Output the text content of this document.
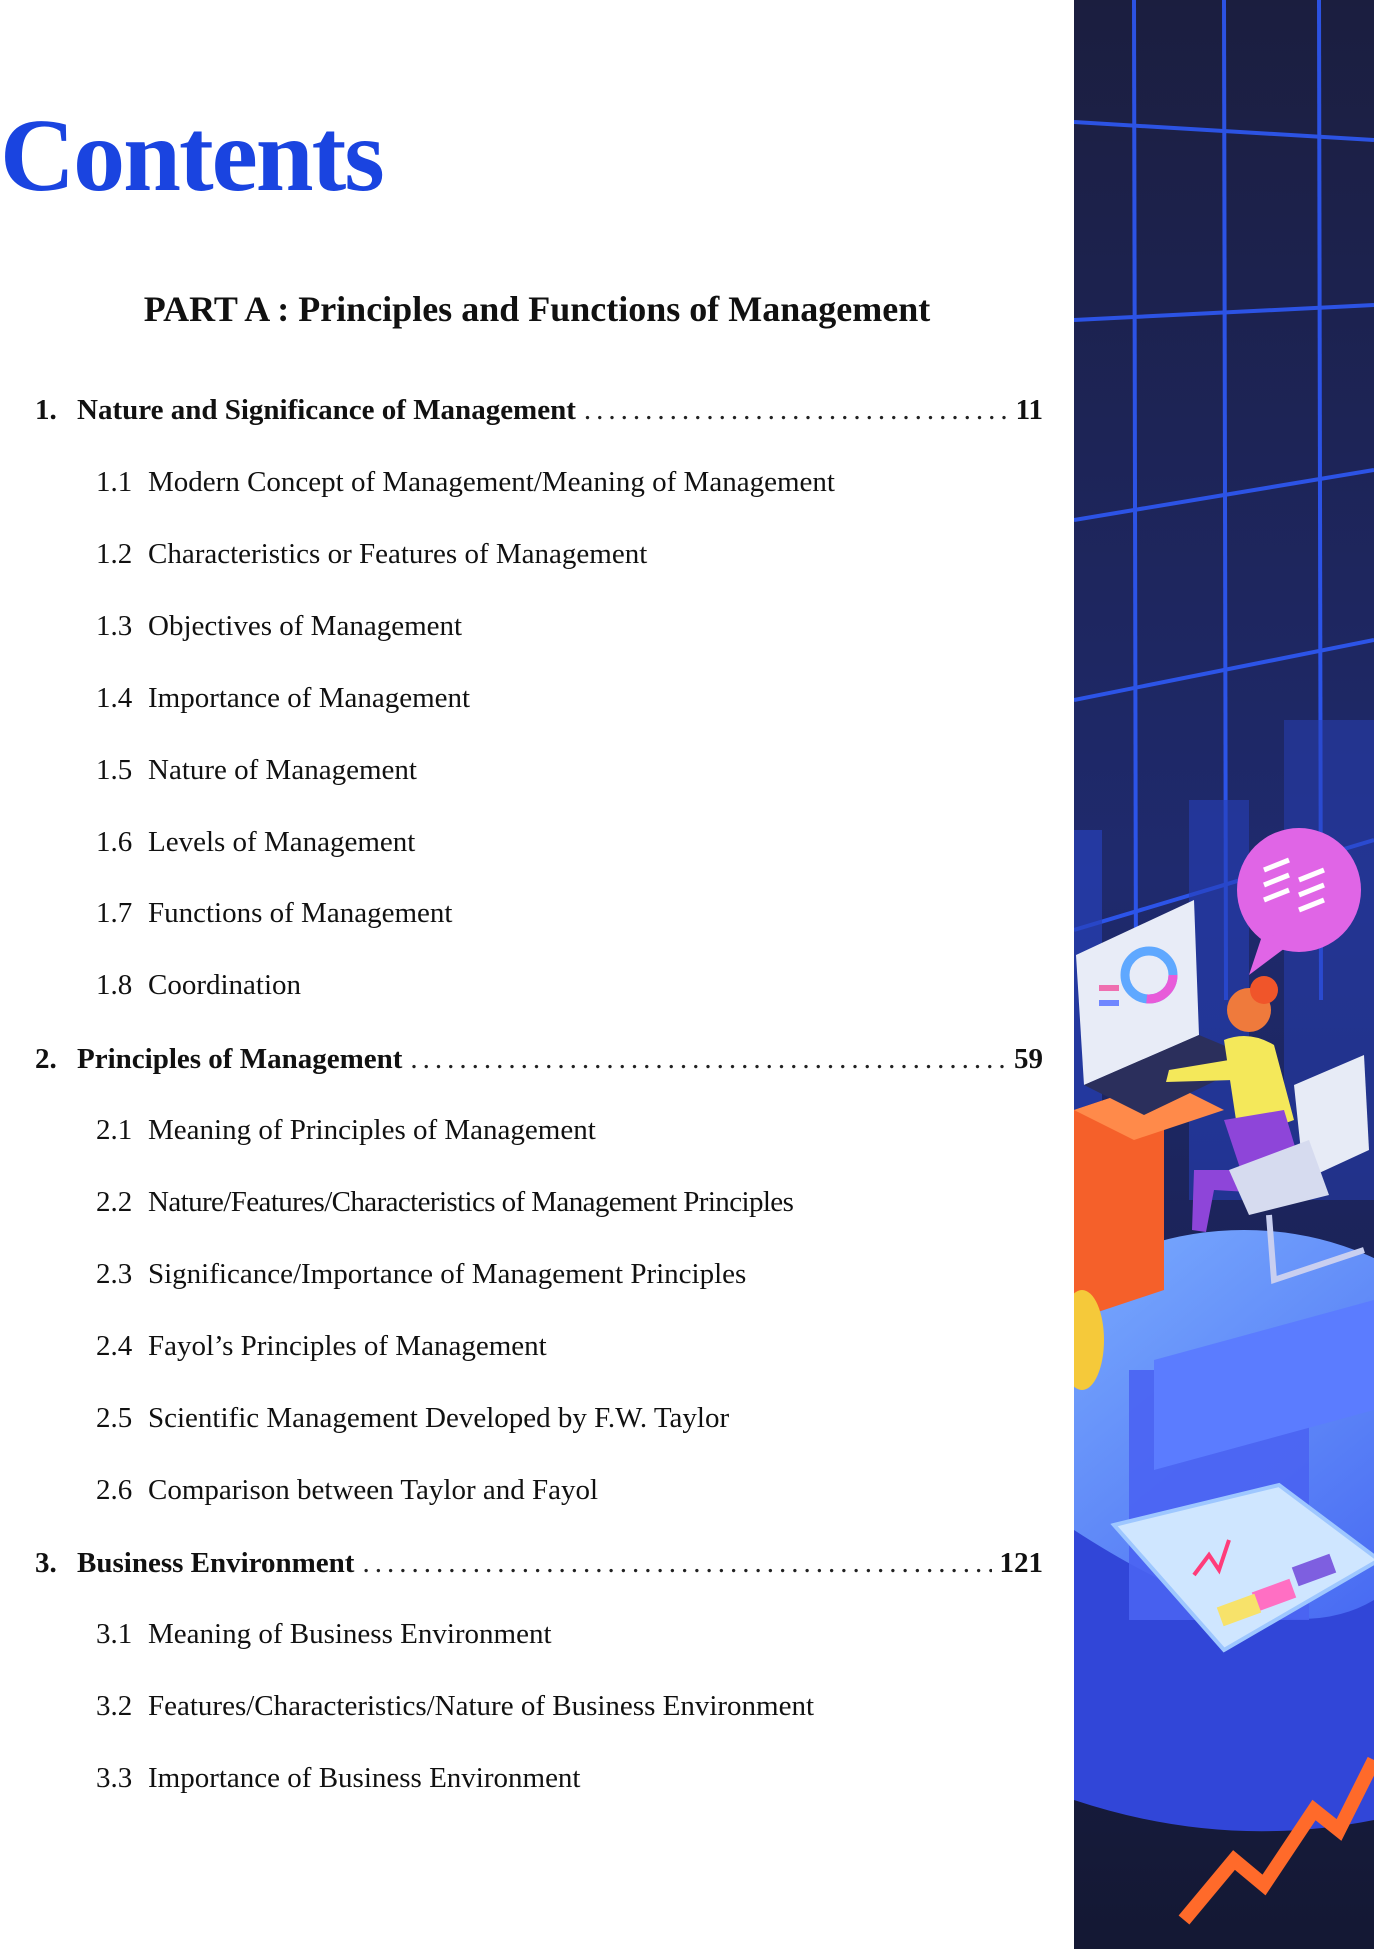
Contents
PART A : Principles and Functions of Management
1. Nature and Significance of Management .....	11
1.1 Modern Concept of Management/Meaning of Management
1.2 Characteristics or Features of Management
1.3 Objectives of Management
1.4 Importance of Management
1.5 Nature of Management
1.6 Levels of Management
1.7 Functions of Management
1.8 Coordination
2. Principles of Management .....	59
2.1 Meaning of Principles of Management
2.2 Nature/Features/Characteristics of Management Principles
2.3 Significance/Importance of Management Principles
2.4 Fayol’s Principles of Management
2.5 Scientific Management Developed by F.W. Taylor
2.6 Comparison between Taylor and Fayol
3. Business Environment .....	121
3.1 Meaning of Business Environment
3.2 Features/Characteristics/Nature of Business Environment
3.3 Importance of Business Environment
